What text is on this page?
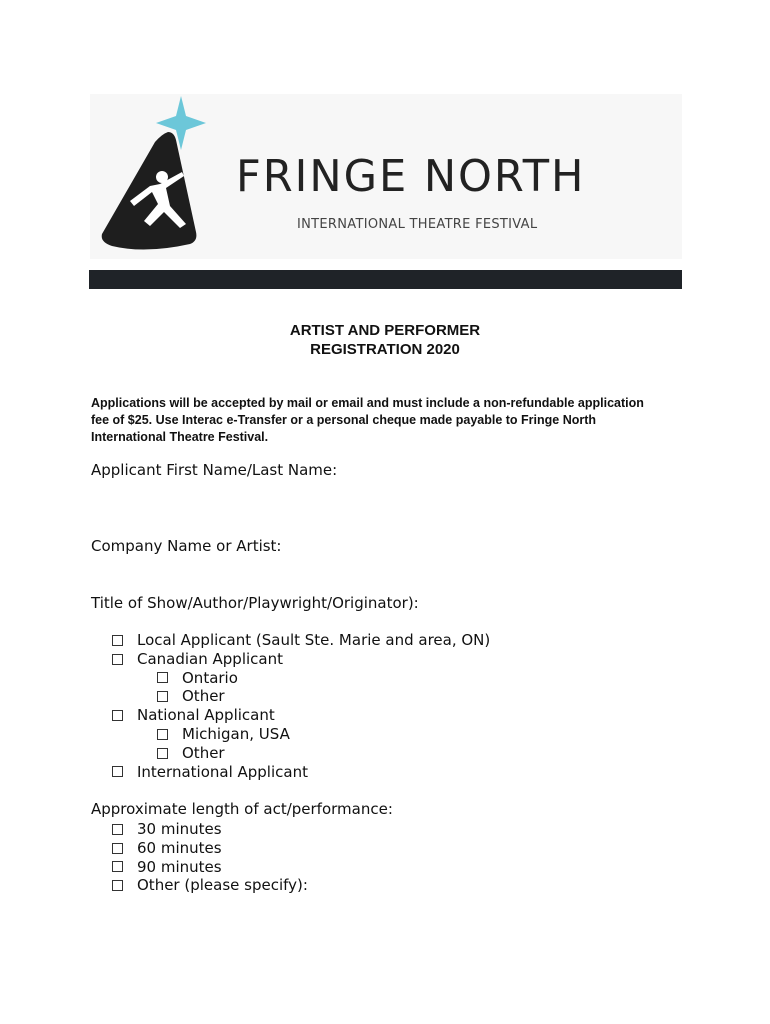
FRINGE NORTH
INTERNATIONAL THEATRE FESTIVAL
ARTIST AND PERFORMER
REGISTRATION 2020
Applications will be accepted by mail or email and must include a non-refundable application
fee of $25. Use Interac e-Transfer or a personal cheque made payable to Fringe North
International Theatre Festival.
Applicant First Name/Last Name:
Company Name or Artist:
Title of Show/Author/Playwright/Originator):
Local Applicant (Sault Ste. Marie and area, ON)
Canadian Applicant
Ontario
Other
National Applicant
Michigan, USA
Other
International Applicant
Approximate length of act/performance:
30 minutes
60 minutes
90 minutes
Other (please specify):
